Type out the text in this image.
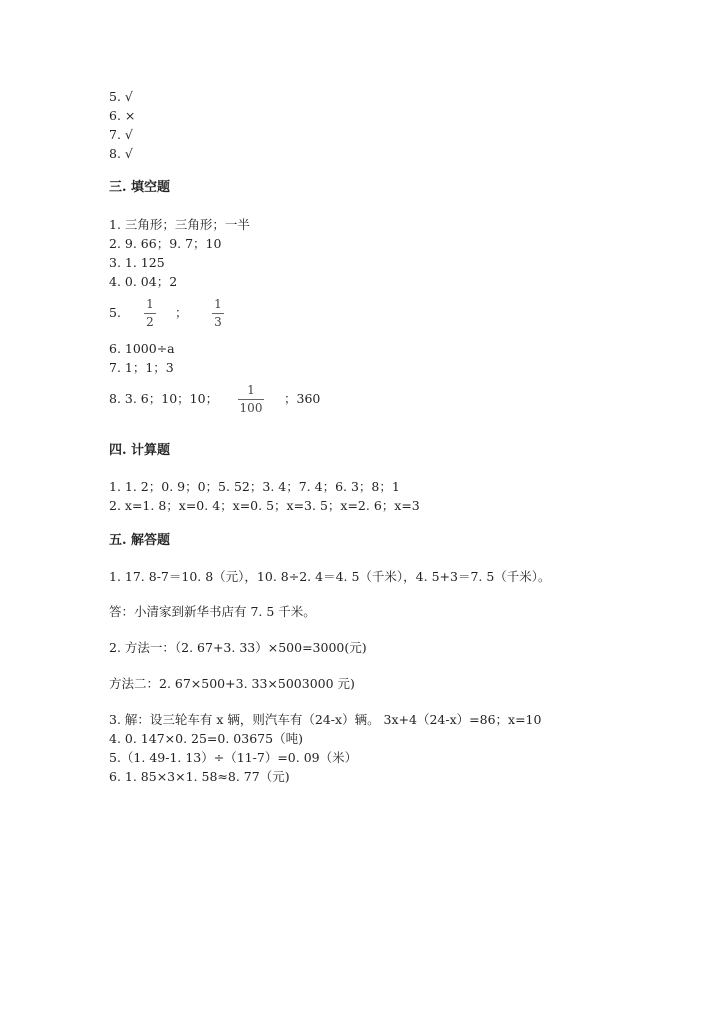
5. √
6. ×
7. √
8. √
三. 填空题
1. 三角形；三角形；一半
2. 9. 66；9. 7；10
3. 1. 125
4. 0. 04；2
5.
1
2
；
1
3
6. 1000÷a
7. 1；1；3
8. 3. 6；10；10；
1
100
；360
四. 计算题
1. 1. 2；0. 9；0；5. 52；3. 4；7. 4；6. 3；8；1
2. x=1. 8；x=0. 4；x=0. 5；x=3. 5；x=2. 6；x=3
五. 解答题
1. 17. 8-7＝10. 8（元），10. 8÷2. 4＝4. 5（千米），4. 5+3＝7. 5（千米）。
答：小清家到新华书店有 7. 5 千米。
2. 方法一：（2. 67+3. 33）×500=3000(元)
方法二：2. 67×500+3. 33×5003000 元)
3. 解：设三轮车有 x 辆，则汽车有（24-x）辆。 3x+4（24-x）=86；x=10
4. 0. 147×0. 25=0. 03675（吨)
5.（1. 49-1. 13）÷（11-7）=0. 09（米）
6. 1. 85×3×1. 58≈8. 77（元)
